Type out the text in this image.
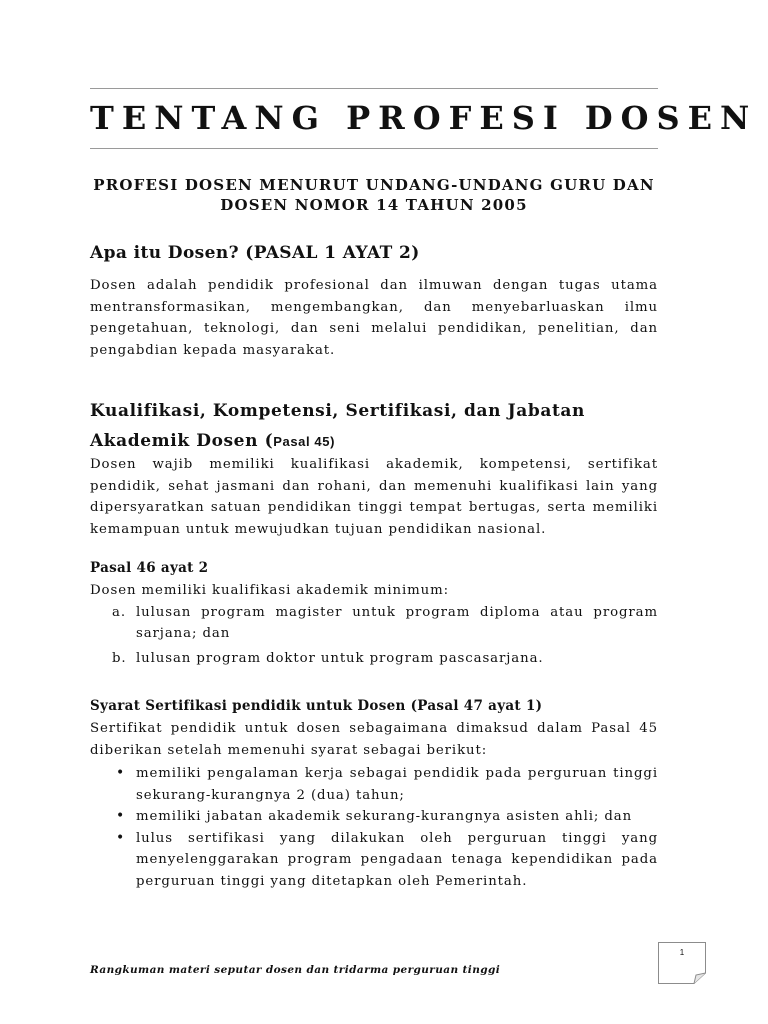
TENTANG PROFESI DOSEN
PROFESI DOSEN MENURUT UNDANG-UNDANG GURU DAN
DOSEN NOMOR 14 TAHUN 2005
Apa itu Dosen? (PASAL 1 AYAT 2)

Dosen adalah pendidik profesional dan ilmuwan dengan tugas utama mentransformasikan, mengembangkan, dan menyebarluaskan ilmu pengetahuan, teknologi, dan seni melalui pendidikan, penelitian, dan pengabdian kepada masyarakat.

Kualifikasi, Kompetensi, Sertifikasi, dan Jabatan Akademik Dosen (Pasal 45)

Dosen wajib memiliki kualifikasi akademik, kompetensi, sertifikat pendidik, sehat jasmani dan rohani, dan memenuhi kualifikasi lain yang dipersyaratkan satuan pendidikan tinggi tempat bertugas, serta memiliki kemampuan untuk mewujudkan tujuan pendidikan nasional.

Pasal 46 ayat 2

Dosen memiliki kualifikasi akademik minimum:

a. lulusan program magister untuk program diploma atau program sarjana; dan
b. lulusan program doktor untuk program pascasarjana.
Syarat Sertifikasi pendidik untuk Dosen (Pasal 47 ayat 1)

Sertifikat pendidik untuk dosen sebagaimana dimaksud dalam Pasal 45 diberikan setelah memenuhi syarat sebagai berikut:

• memiliki pengalaman kerja sebagai pendidik pada perguruan tinggi sekurang-kurangnya 2 (dua) tahun;
• memiliki jabatan akademik sekurang-kurangnya asisten ahli; dan
• lulus sertifikasi yang dilakukan oleh perguruan tinggi yang menyelenggarakan program pengadaan tenaga kependidikan pada perguruan tinggi yang ditetapkan oleh Pemerintah.
Rangkuman materi seputar dosen dan tridarma perguruan tinggi
1
